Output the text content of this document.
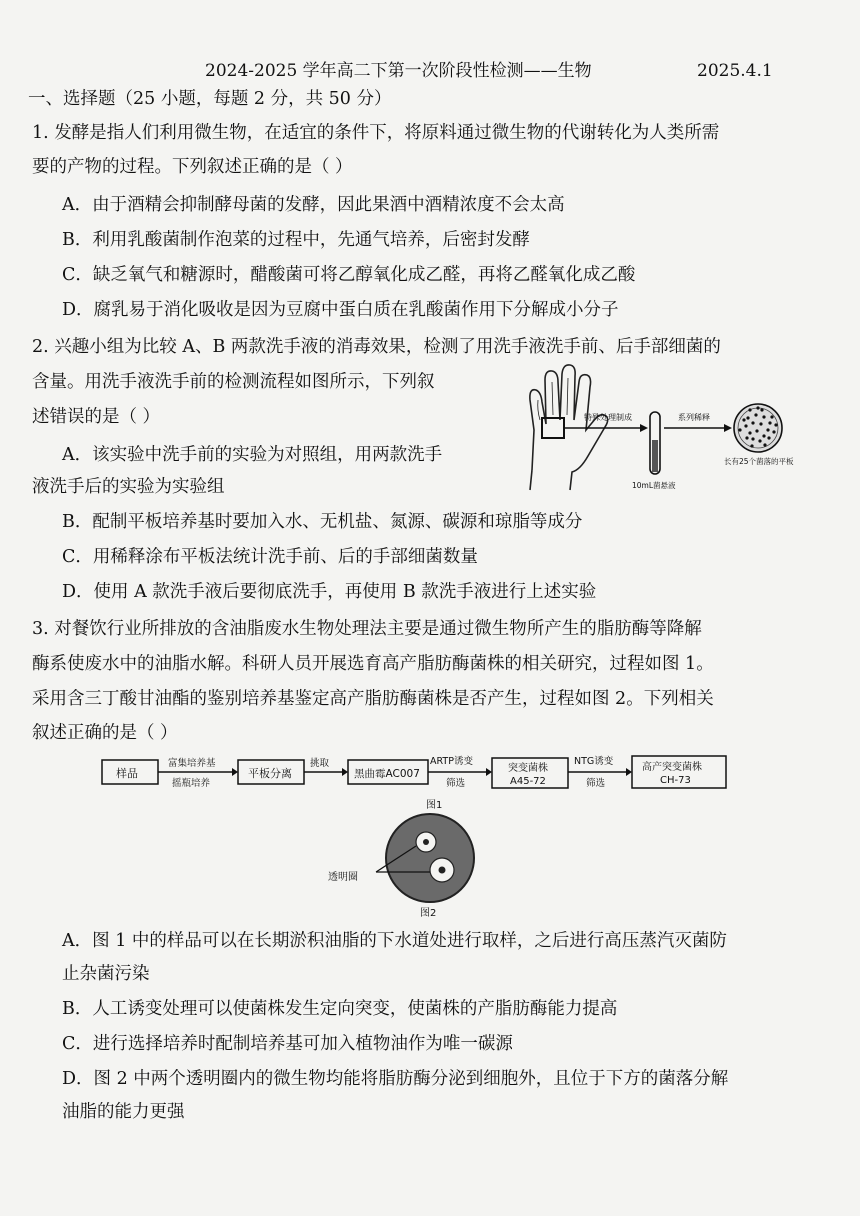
2024-2025 学年高二下第一次阶段性检测——生物	2025.4.1
一、选择题（25 小题，每题 2 分，共 50 分）
1. 发酵是指人们利用微生物，在适宜的条件下，将原料通过微生物的代谢转化为人类所需
要的产物的过程。下列叙述正确的是（ ）
A．由于酒精会抑制酵母菌的发酵，因此果酒中酒精浓度不会太高
B．利用乳酸菌制作泡菜的过程中，先通气培养，后密封发酵
C．缺乏氧气和糖源时，醋酸菌可将乙醇氧化成乙醛，再将乙醛氧化成乙酸
D．腐乳易于消化吸收是因为豆腐中蛋白质在乳酸菌作用下分解成小分子
2. 兴趣小组为比较 A、B 两款洗手液的消毒效果，检测了用洗手液洗手前、后手部细菌的
含量。用洗手液洗手前的检测流程如图所示，下列叙
述错误的是（ ）
A．该实验中洗手前的实验为对照组，用两款洗手
液洗手后的实验为实验组
B．配制平板培养基时要加入水、无机盐、氮源、碳源和琼脂等成分
C．用稀释涂布平板法统计洗手前、后的手部细菌数量
D．使用 A 款洗手液后要彻底洗手，再使用 B 款洗手液进行上述实验
特殊处理制成
10mL菌悬液
系列稀释
长有25个菌落的平板
3. 对餐饮行业所排放的含油脂废水生物处理法主要是通过微生物所产生的脂肪酶等降解
酶系使废水中的油脂水解。科研人员开展选育高产脂肪酶菌株的相关研究，过程如图 1。
采用含三丁酸甘油酯的鉴别培养基鉴定高产脂肪酶菌株是否产生，过程如图 2。下列相关
叙述正确的是（ ）
样品
富集培养基
摇瓶培养
平板分离
挑取
黑曲霉AC007
ARTP诱变
筛选
突变菌株
A45-72
NTG诱变
筛选
高产突变菌株
CH-73
图1
透明圈
图2
A．图 1 中的样品可以在长期淤积油脂的下水道处进行取样，之后进行高压蒸汽灭菌防
止杂菌污染
B．人工诱变处理可以使菌株发生定向突变，使菌株的产脂肪酶能力提高
C．进行选择培养时配制培养基可加入植物油作为唯一碳源
D．图 2 中两个透明圈内的微生物均能将脂肪酶分泌到细胞外，且位于下方的菌落分解
油脂的能力更强
